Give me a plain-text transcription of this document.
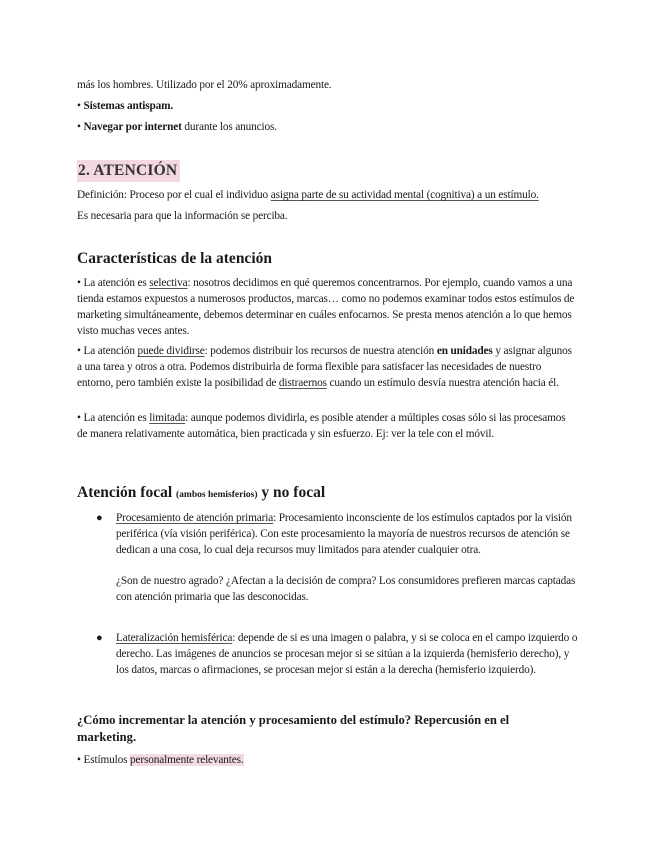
más los hombres. Utilizado por el 20% aproximadamente.

• Sistemas antispam.

• Navegar por internet durante los anuncios.

2. ATENCIÓN

Definición: Proceso por el cual el individuo asigna parte de su actividad mental (cognitiva) a un estímulo.

Es necesaria para que la información se perciba.

Características de la atención

• La atención es selectiva: nosotros decidimos en qué queremos concentrarnos. Por ejemplo, cuando vamos a una tienda estamos expuestos a numerosos productos, marcas… como no podemos examinar todos estos estímulos de marketing simultáneamente, debemos determinar en cuáles enfocarnos. Se presta menos atención a lo que hemos visto muchas veces antes.

• La atención puede dividirse: podemos distribuir los recursos de nuestra atención en unidades y asignar algunos a una tarea y otros a otra. Podemos distribuirla de forma flexible para satisfacer las necesidades de nuestro entorno, pero también existe la posibilidad de distraernos cuando un estímulo desvía nuestra atención hacia él.

• La atención es limitada: aunque podemos dividirla, es posible atender a múltiples cosas sólo si las procesamos de manera relativamente automática, bien practicada y sin esfuerzo. Ej: ver la tele con el móvil.

Atención focal (ambos hemisferios) y no focal
● Procesamiento de atención primaria: Procesamiento inconsciente de los estímulos captados por la visión periférica (vía visión periférica). Con este procesamiento la mayoría de nuestros recursos de atención se dedican a una cosa, lo cual deja recursos muy limitados para atender cualquier otra.

¿Son de nuestro agrado? ¿Afectan a la decisión de compra? Los consumidores prefieren marcas captadas con atención primaria que las desconocidas.

● Lateralización hemisférica: depende de si es una imagen o palabra, y si se coloca en el campo izquierdo o derecho. Las imágenes de anuncios se procesan mejor si se sitúan a la izquierda (hemisferio derecho), y los datos, marcas o afirmaciones, se procesan mejor si están a la derecha (hemisferio izquierdo).

¿Cómo incrementar la atención y procesamiento del estímulo? Repercusión en el marketing.

• Estímulos personalmente relevantes.
